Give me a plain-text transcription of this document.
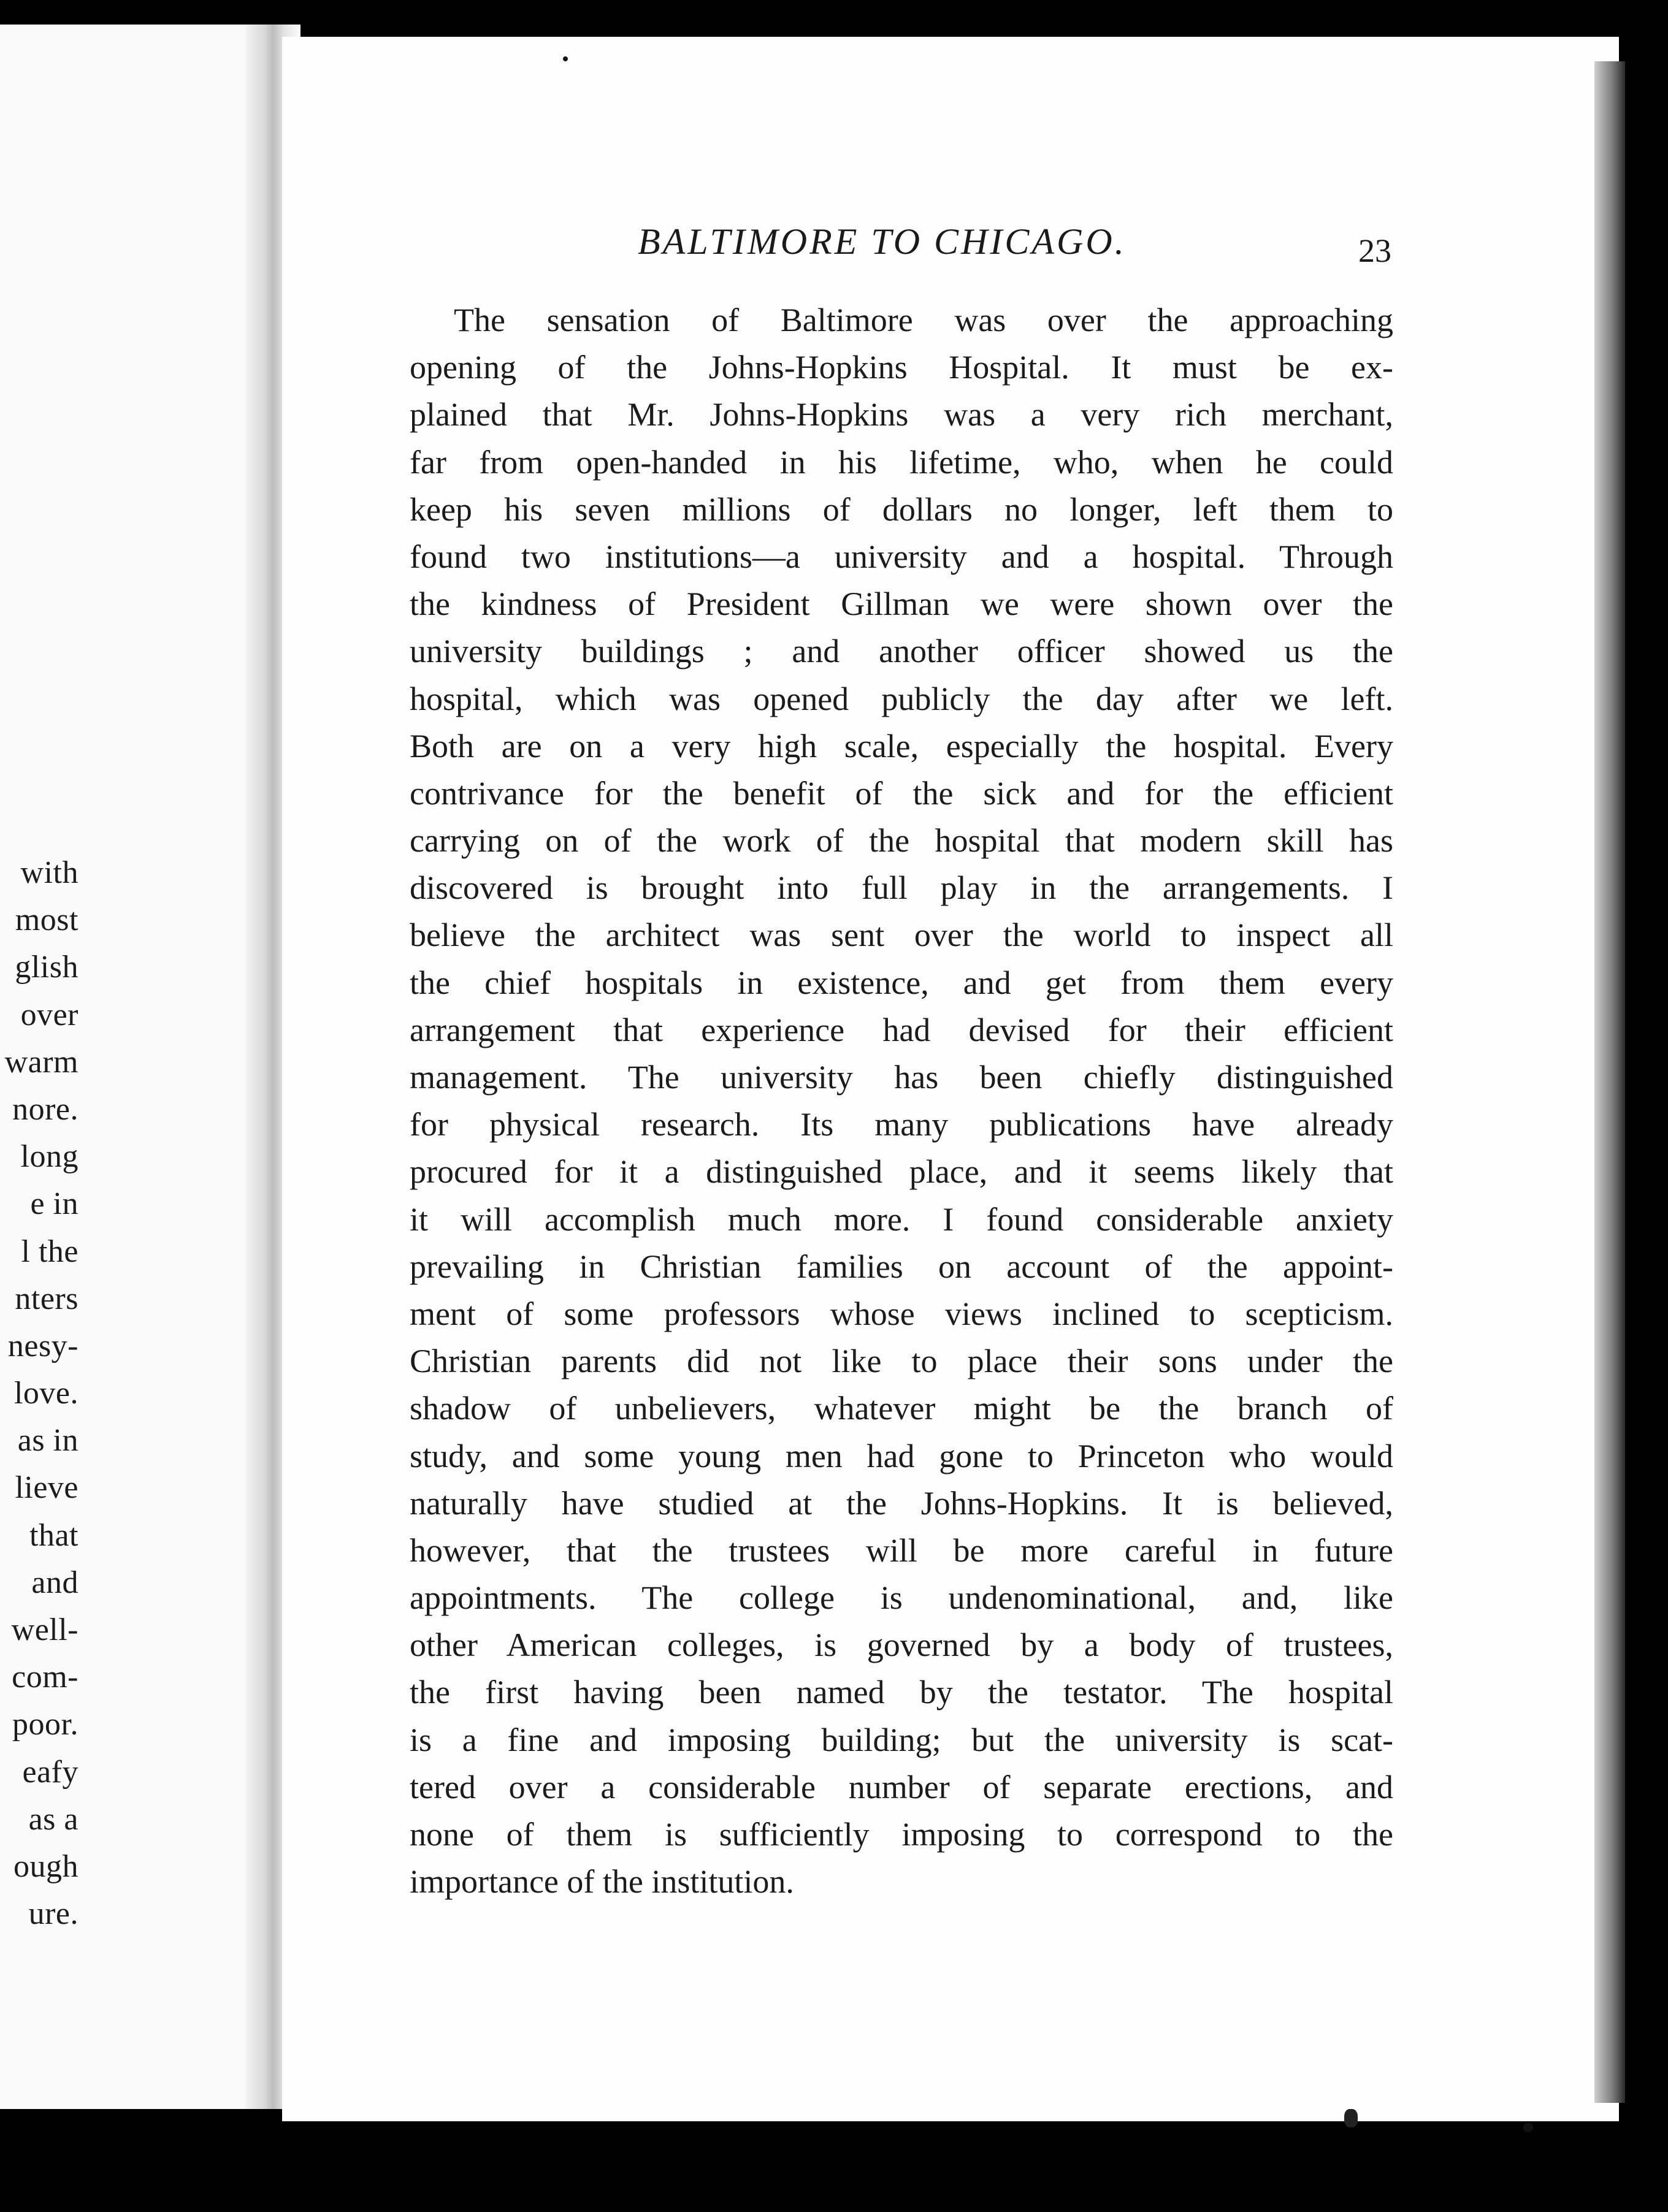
with
most
glish
over
warm
nore.
long
e in
l the
nters
nesy-
love.
as in
lieve
that
and
well-
com-
poor.
eafy
as a
ough
ure.
BALTIMORE TO CHICAGO.	23
The sensation of Baltimore was over the approaching
opening of the Johns-Hopkins Hospital. It must be ex-
plained that Mr. Johns-Hopkins was a very rich merchant,
far from open-handed in his lifetime, who, when he could
keep his seven millions of dollars no longer, left them to
found two institutions—a university and a hospital. Through
the kindness of President Gillman we were shown over the
university buildings ; and another officer showed us the
hospital, which was opened publicly the day after we left.
Both are on a very high scale, especially the hospital. Every
contrivance for the benefit of the sick and for the efficient
carrying on of the work of the hospital that modern skill has
discovered is brought into full play in the arrangements. I
believe the architect was sent over the world to inspect all
the chief hospitals in existence, and get from them every
arrangement that experience had devised for their efficient
management. The university has been chiefly distinguished
for physical research. Its many publications have already
procured for it a distinguished place, and it seems likely that
it will accomplish much more. I found considerable anxiety
prevailing in Christian families on account of the appoint-
ment of some professors whose views inclined to scepticism.
Christian parents did not like to place their sons under the
shadow of unbelievers, whatever might be the branch of
study, and some young men had gone to Princeton who would
naturally have studied at the Johns-Hopkins. It is believed,
however, that the trustees will be more careful in future
appointments. The college is undenominational, and, like
other American colleges, is governed by a body of trustees,
the first having been named by the testator. The hospital
is a fine and imposing building; but the university is scat-
tered over a considerable number of separate erections, and
none of them is sufficiently imposing to correspond to the
importance of the institution.
